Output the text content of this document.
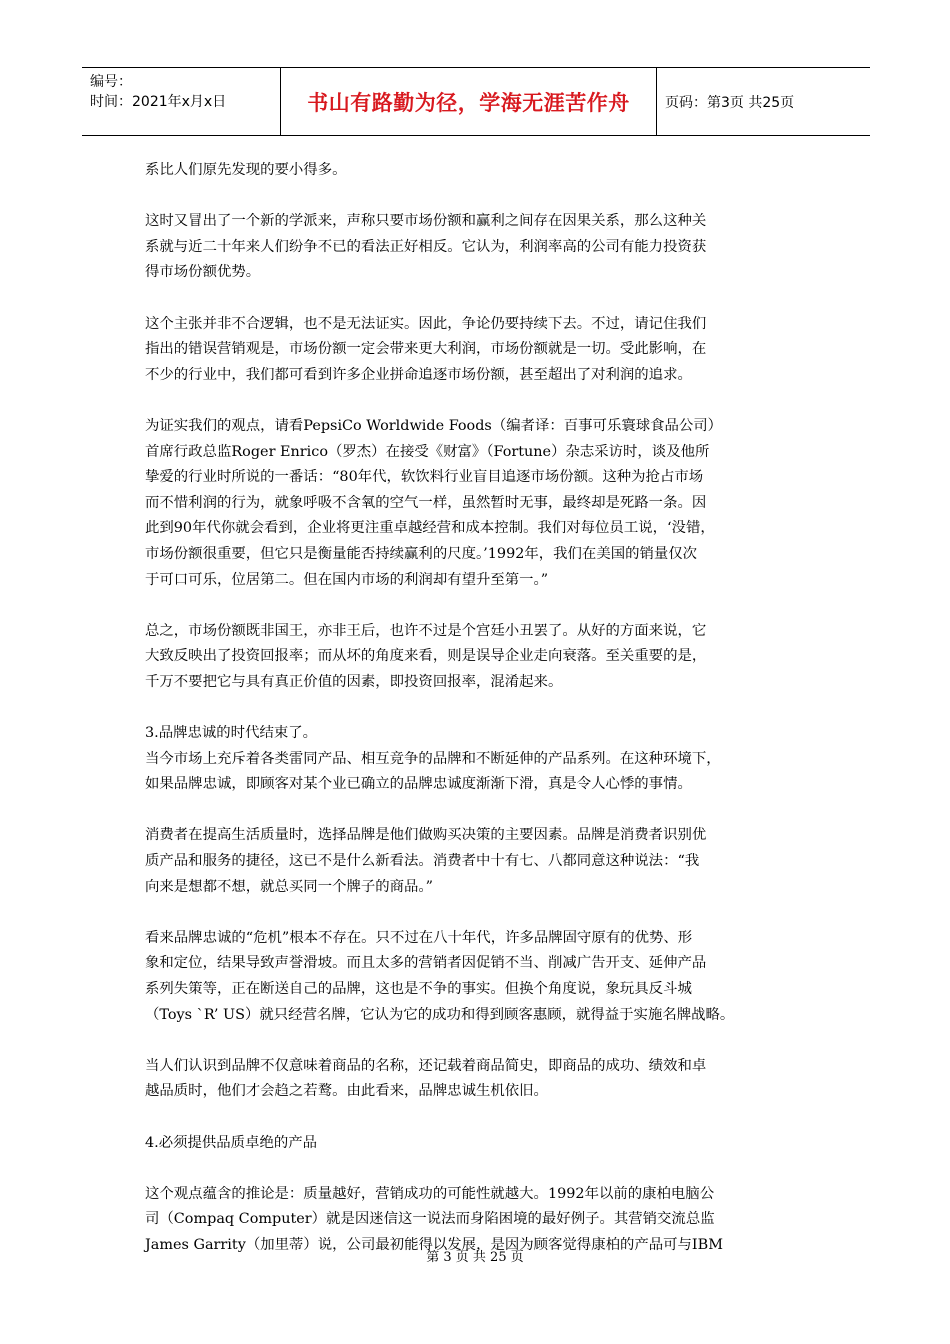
编号：
时间：2021年x月x日	书山有路勤为径，学海无涯苦作舟	页码：第3页 共25页

系比人们原先发现的要小得多。

这时又冒出了一个新的学派来，声称只要市场份额和赢利之间存在因果关系，那么这种关

系就与近二十年来人们纷争不已的看法正好相反。它认为，利润率高的公司有能力投资获

得市场份额优势。

这个主张并非不合逻辑，也不是无法证实。因此，争论仍要持续下去。不过，请记住我们

指出的错误营销观是，市场份额一定会带来更大利润，市场份额就是一切。受此影响，在

不少的行业中，我们都可看到许多企业拼命追逐市场份额，甚至超出了对利润的追求。

为证实我们的观点，请看PepsiCo Worldwide Foods（编者译：百事可乐寰球食品公司）

首席行政总监Roger Enrico（罗杰）在接受《财富》（Fortune）杂志采访时，谈及他所

挚爱的行业时所说的一番话：“80年代，软饮料行业盲目追逐市场份额。这种为抢占市场

而不惜利润的行为，就象呼吸不含氧的空气一样，虽然暂时无事，最终却是死路一条。因

此到90年代你就会看到，企业将更注重卓越经营和成本控制。我们对每位员工说，‘没错，

市场份额很重要，但它只是衡量能否持续赢利的尺度。’1992年，我们在美国的销量仅次

于可口可乐，位居第二。但在国内市场的利润却有望升至第一。”

总之，市场份额既非国王，亦非王后，也许不过是个宫廷小丑罢了。从好的方面来说，它

大致反映出了投资回报率；而从坏的角度来看，则是误导企业走向衰落。至关重要的是，

千万不要把它与具有真正价值的因素，即投资回报率，混淆起来。

3.品牌忠诚的时代结束了。

当今市场上充斥着各类雷同产品、相互竞争的品牌和不断延伸的产品系列。在这种环境下，

如果品牌忠诚，即顾客对某个业已确立的品牌忠诚度渐渐下滑，真是令人心悸的事情。

消费者在提高生活质量时，选择品牌是他们做购买决策的主要因素。品牌是消费者识别优

质产品和服务的捷径，这已不是什么新看法。消费者中十有七、八都同意这种说法：“我

向来是想都不想，就总买同一个牌子的商品。”

看来品牌忠诚的“危机”根本不存在。只不过在八十年代，许多品牌固守原有的优势、形

象和定位，结果导致声誉滑坡。而且太多的营销者因促销不当、削减广告开支、延伸产品

系列失策等，正在断送自己的品牌，这也是不争的事实。但换个角度说，象玩具反斗城

（Toys `R’ US）就只经营名牌，它认为它的成功和得到顾客惠顾，就得益于实施名牌战略。

当人们认识到品牌不仅意味着商品的名称，还记载着商品简史，即商品的成功、绩效和卓

越品质时，他们才会趋之若鹜。由此看来，品牌忠诚生机依旧。

4.必须提供品质卓绝的产品

这个观点蕴含的推论是：质量越好，营销成功的可能性就越大。1992年以前的康柏电脑公

司（Compaq Computer）就是因迷信这一说法而身陷困境的最好例子。其营销交流总监

James Garrity（加里蒂）说，公司最初能得以发展，是因为顾客觉得康柏的产品可与IBM

第 3 页 共 25 页
